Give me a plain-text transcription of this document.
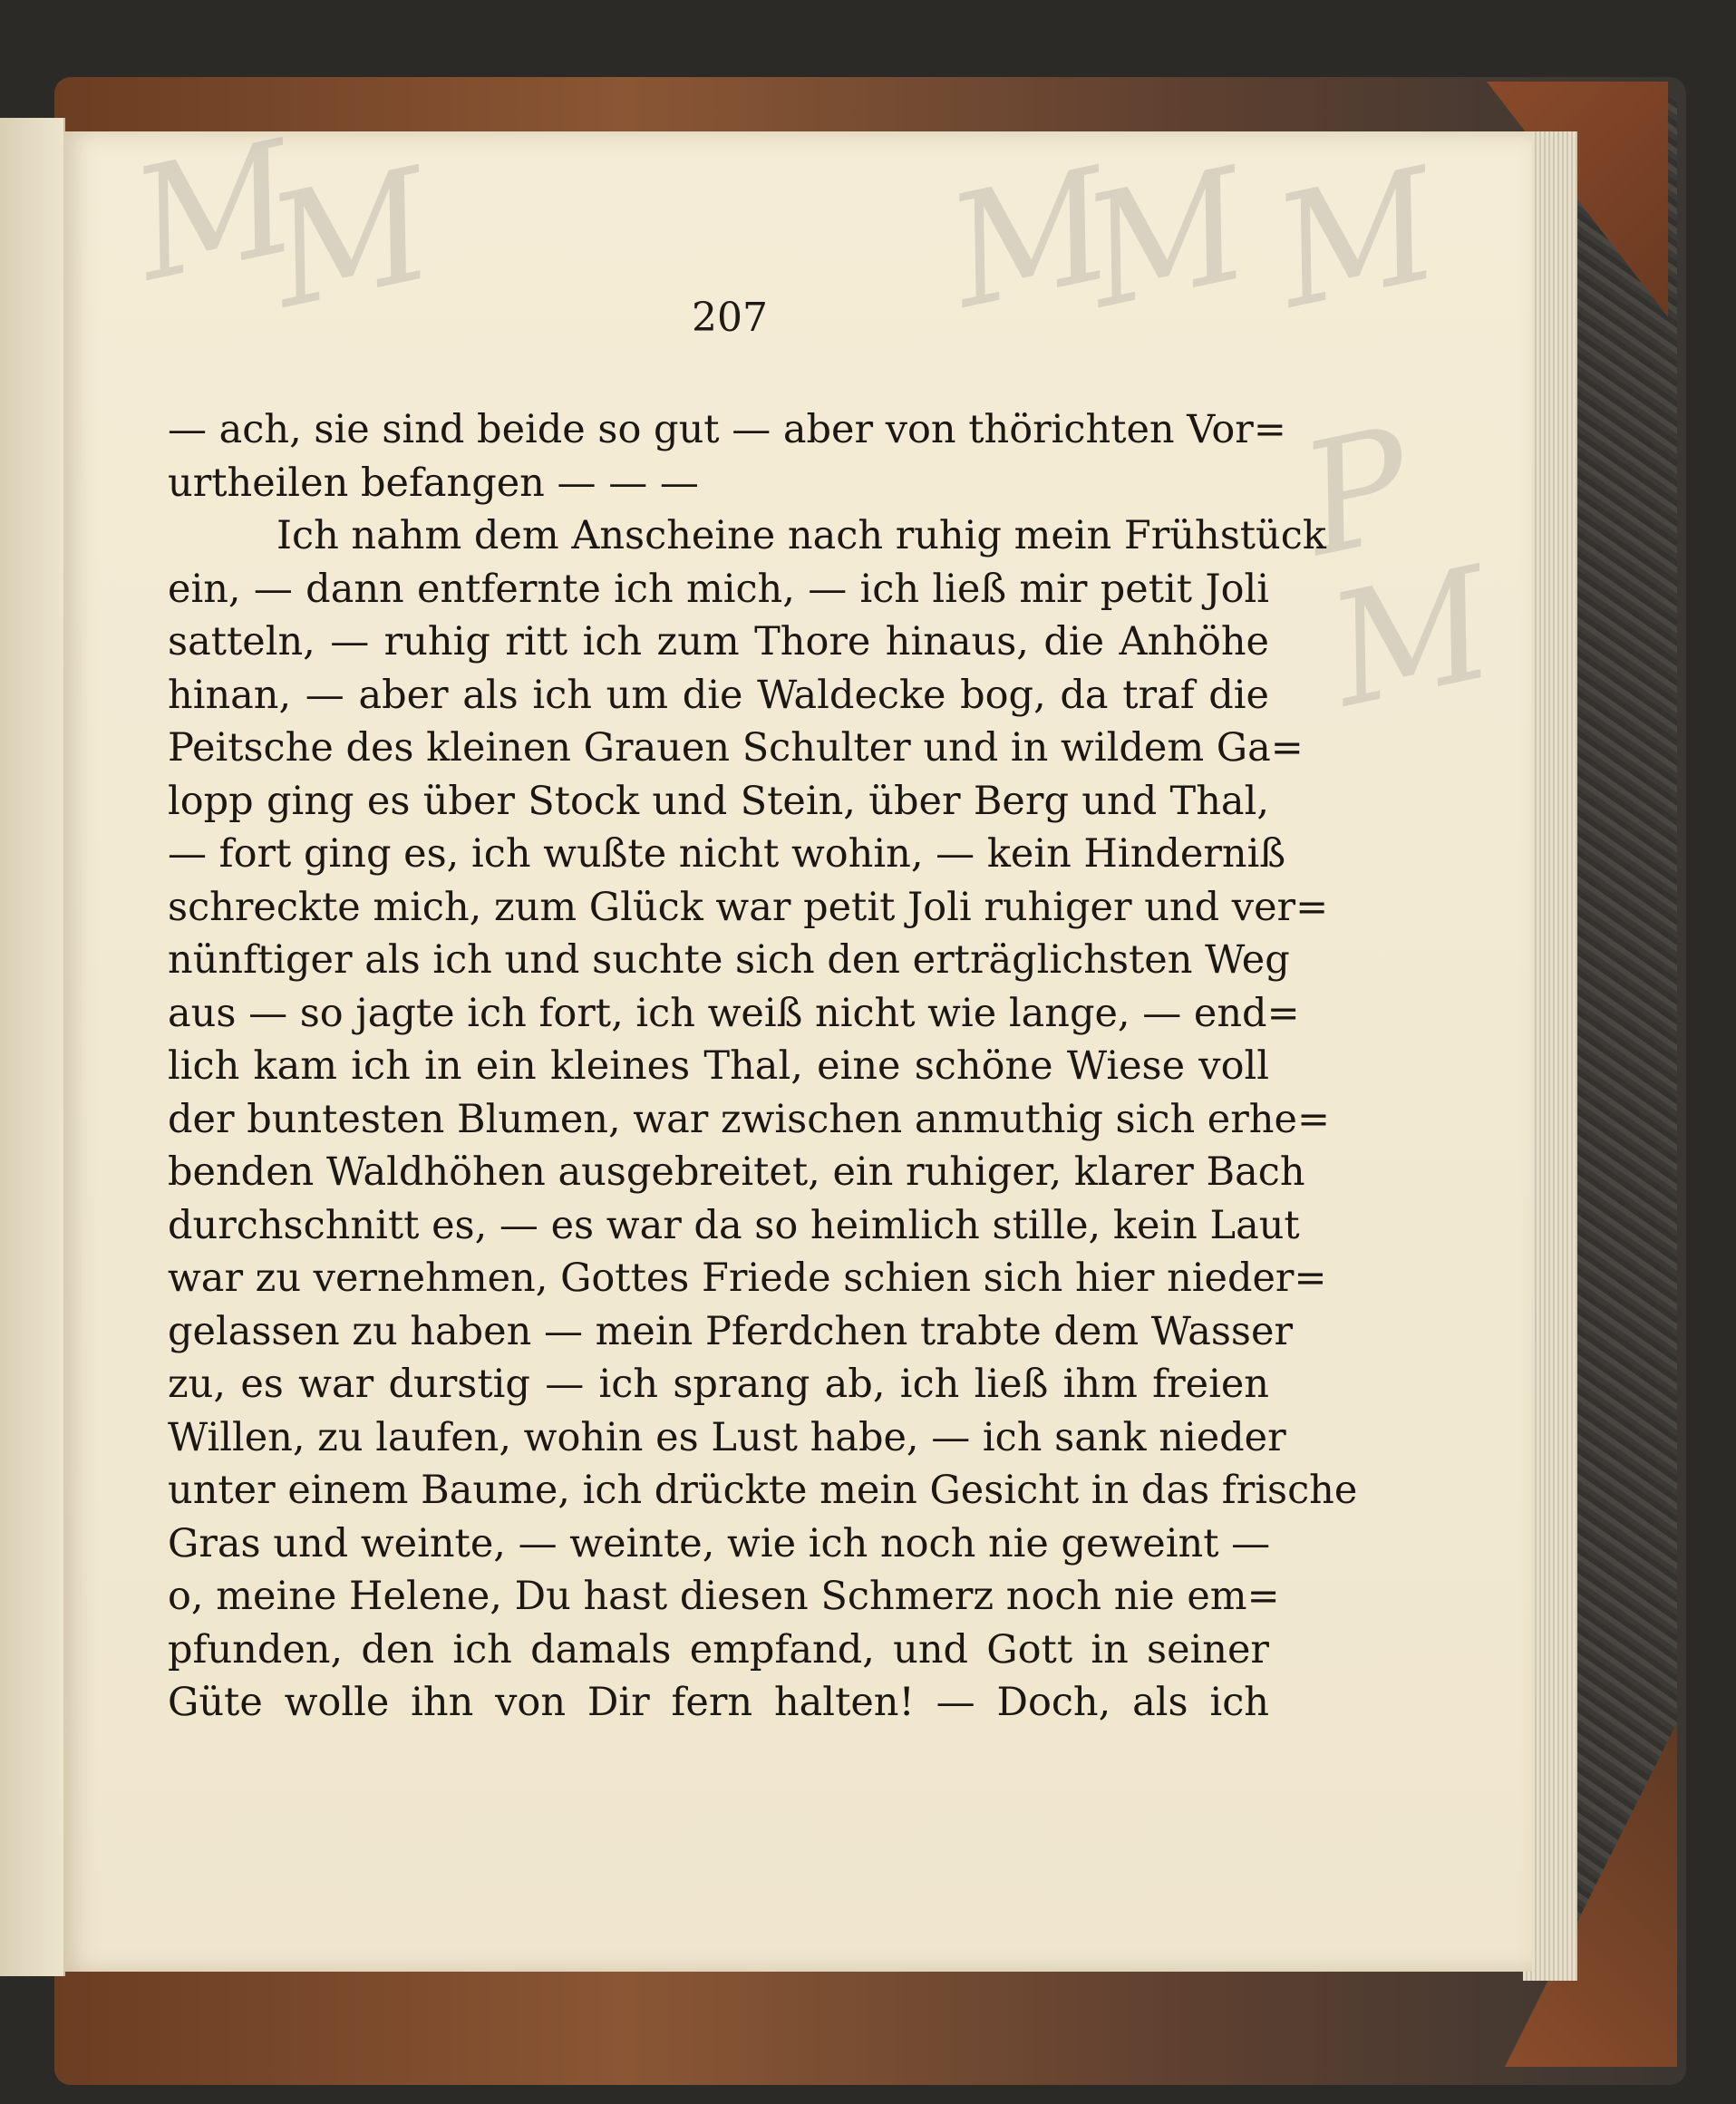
M
M	M
M
M
P
M
207
— ach, sie sind beide so gut — aber von thörichten Vor=
urtheilen befangen — — —
Ich nahm dem Anscheine nach ruhig mein Frühstück
ein, — dann entfernte ich mich, — ich ließ mir petit Joli
satteln, — ruhig ritt ich zum Thore hinaus, die Anhöhe
hinan, — aber als ich um die Waldecke bog, da traf die
Peitsche des kleinen Grauen Schulter und in wildem Ga=
lopp ging es über Stock und Stein, über Berg und Thal,
— fort ging es, ich wußte nicht wohin, — kein Hinderniß
schreckte mich, zum Glück war petit Joli ruhiger und ver=
nünftiger als ich und suchte sich den erträglichsten Weg
aus — so jagte ich fort, ich weiß nicht wie lange, — end=
lich kam ich in ein kleines Thal, eine schöne Wiese voll
der buntesten Blumen, war zwischen anmuthig sich erhe=
benden Waldhöhen ausgebreitet, ein ruhiger, klarer Bach
durchschnitt es, — es war da so heimlich stille, kein Laut
war zu vernehmen, Gottes Friede schien sich hier nieder=
gelassen zu haben — mein Pferdchen trabte dem Wasser
zu, es war durstig — ich sprang ab, ich ließ ihm freien
Willen, zu laufen, wohin es Lust habe, — ich sank nieder
unter einem Baume, ich drückte mein Gesicht in das frische
Gras und weinte, — weinte, wie ich noch nie geweint —
o, meine Helene, Du hast diesen Schmerz noch nie em=
pfunden, den ich damals empfand, und Gott in seiner
Güte wolle ihn von Dir fern halten! — Doch, als ich
